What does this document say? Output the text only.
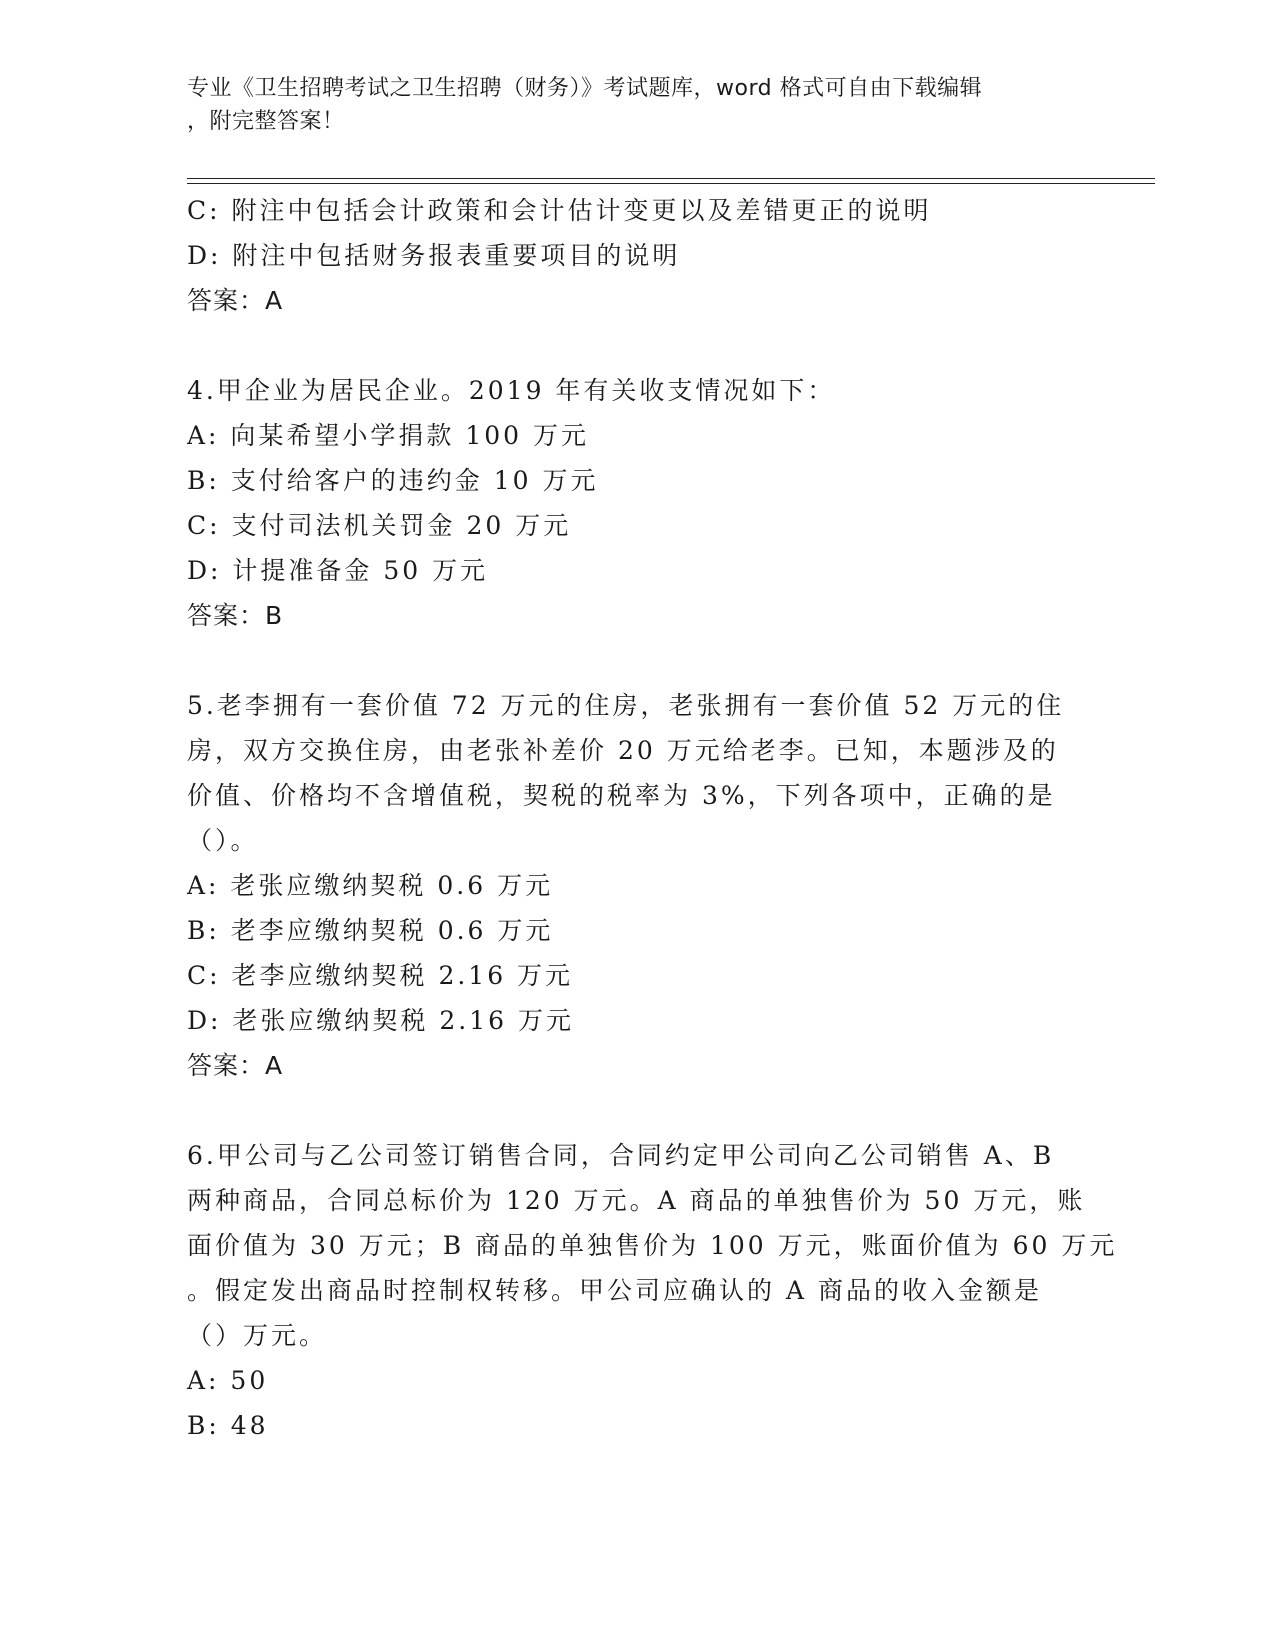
专业《卫生招聘考试之卫生招聘（财务）》考试题库，word 格式可自由下载编辑
，附完整答案！
C: 附注中包括会计政策和会计估计变更以及差错更正的说明
D: 附注中包括财务报表重要项目的说明
答案：A
4.甲企业为居民企业。2019 年有关收支情况如下：
A: 向某希望小学捐款 100 万元
B: 支付给客户的违约金 10 万元
C: 支付司法机关罚金 20 万元
D: 计提准备金 50 万元
答案：B
5.老李拥有一套价值 72 万元的住房，老张拥有一套价值 52 万元的住
房，双方交换住房，由老张补差价 20 万元给老李。已知，本题涉及的
价值、价格均不含增值税，契税的税率为 3%，下列各项中，正确的是
（）。
A: 老张应缴纳契税 0.6 万元
B: 老李应缴纳契税 0.6 万元
C: 老李应缴纳契税 2.16 万元
D: 老张应缴纳契税 2.16 万元
答案：A
6.甲公司与乙公司签订销售合同，合同约定甲公司向乙公司销售 A、B
两种商品，合同总标价为 120 万元。A 商品的单独售价为 50 万元，账
面价值为 30 万元；B 商品的单独售价为 100 万元，账面价值为 60 万元
。假定发出商品时控制权转移。甲公司应确认的 A 商品的收入金额是
（）万元。
A: 50
B: 48
